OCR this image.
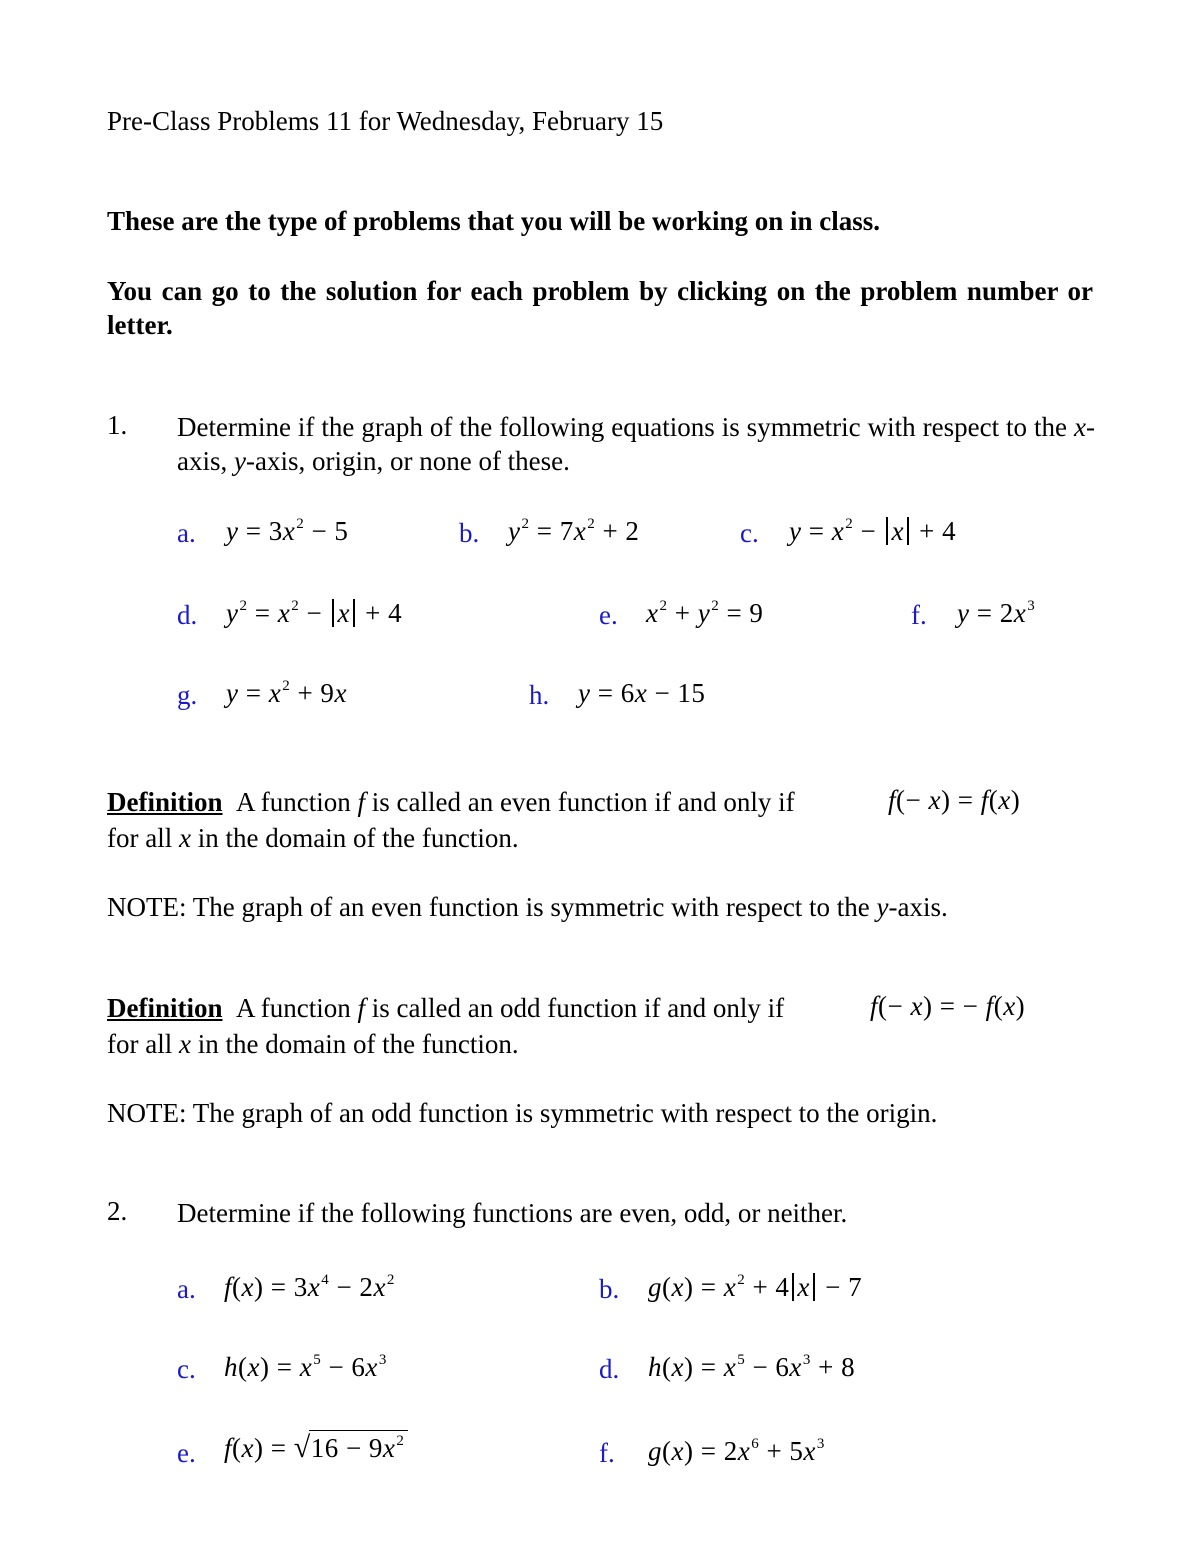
Pre-Class Problems 11 for Wednesday, February 15
These are the type of problems that you will be working on in class.
You can go to the solution for each problem by clicking on the problem number or letter.
1. Determine if the graph of the following equations is symmetric with respect to the x-axis, y-axis, origin, or none of these.
a. $y = 3x^2 - 5$	b. $y^2 = 7x^2 + 2$	c. $y = x^2 - x + 4$
d. $y^2 = x^2 - x + 4$	e. $x^2 + y^2 = 9$	f. $y = 2x^3$
g. $y = x^2 + 9x$	h. y = 6x − 15
Definition A function f is called an even function if and only if	f(− x) = f(x)
for all x in the domain of the function.
NOTE: The graph of an even function is symmetric with respect to the y-axis.
Definition A function f is called an odd function if and only if	f(− x) = − f(x)
for all x in the domain of the function.
NOTE: The graph of an odd function is symmetric with respect to the origin.
2. Determine if the following functions are even, odd, or neither.
a. $f(x) = 3x^4 - 2x^2$	b. $g(x) = x^2 + 4$ x − 7
c. $h(x) = x^5 - 6x^3$	d. $h(x) = x^5 - 6x^3 + 8$
e. $f(x) = √16 - 9x^2$	f. $g(x) = 2x^6 + 5x^3$
